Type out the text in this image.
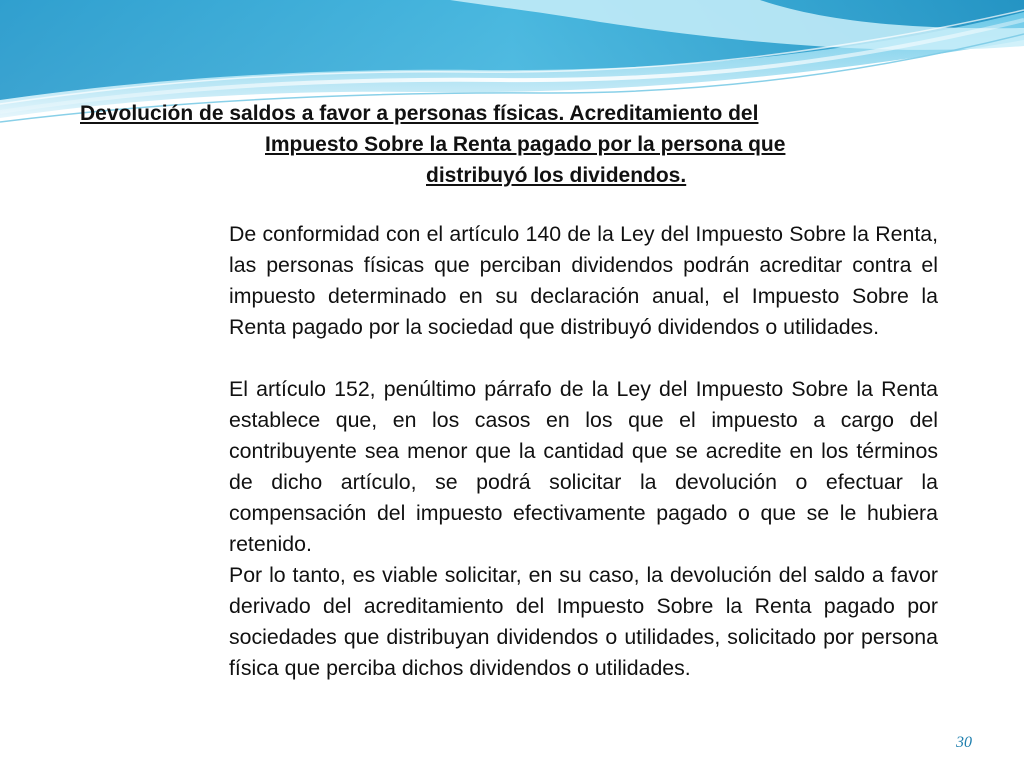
Devolución de saldos a favor a personas físicas. Acreditamiento del
Impuesto Sobre la Renta pagado por la persona que
distribuyó los dividendos.

De conformidad con el artículo 140 de la Ley del Impuesto Sobre la Renta, las personas físicas que perciban dividendos podrán acreditar contra el impuesto determinado en su declaración anual, el Impuesto Sobre la Renta pagado por la sociedad que distribuyó dividendos o utilidades.

El artículo 152, penúltimo párrafo de la Ley del Impuesto Sobre la Renta establece que, en los casos en los que el impuesto a cargo del contribuyente sea menor que la cantidad que se acredite en los términos de dicho artículo, se podrá solicitar la devolución o efectuar la compensación del impuesto efectivamente pagado o que se le hubiera retenido.

Por lo tanto, es viable solicitar, en su caso, la devolución del saldo a favor derivado del acreditamiento del Impuesto Sobre la Renta pagado por sociedades que distribuyan dividendos o utilidades, solicitado por persona física que perciba dichos dividendos o utilidades.

30
